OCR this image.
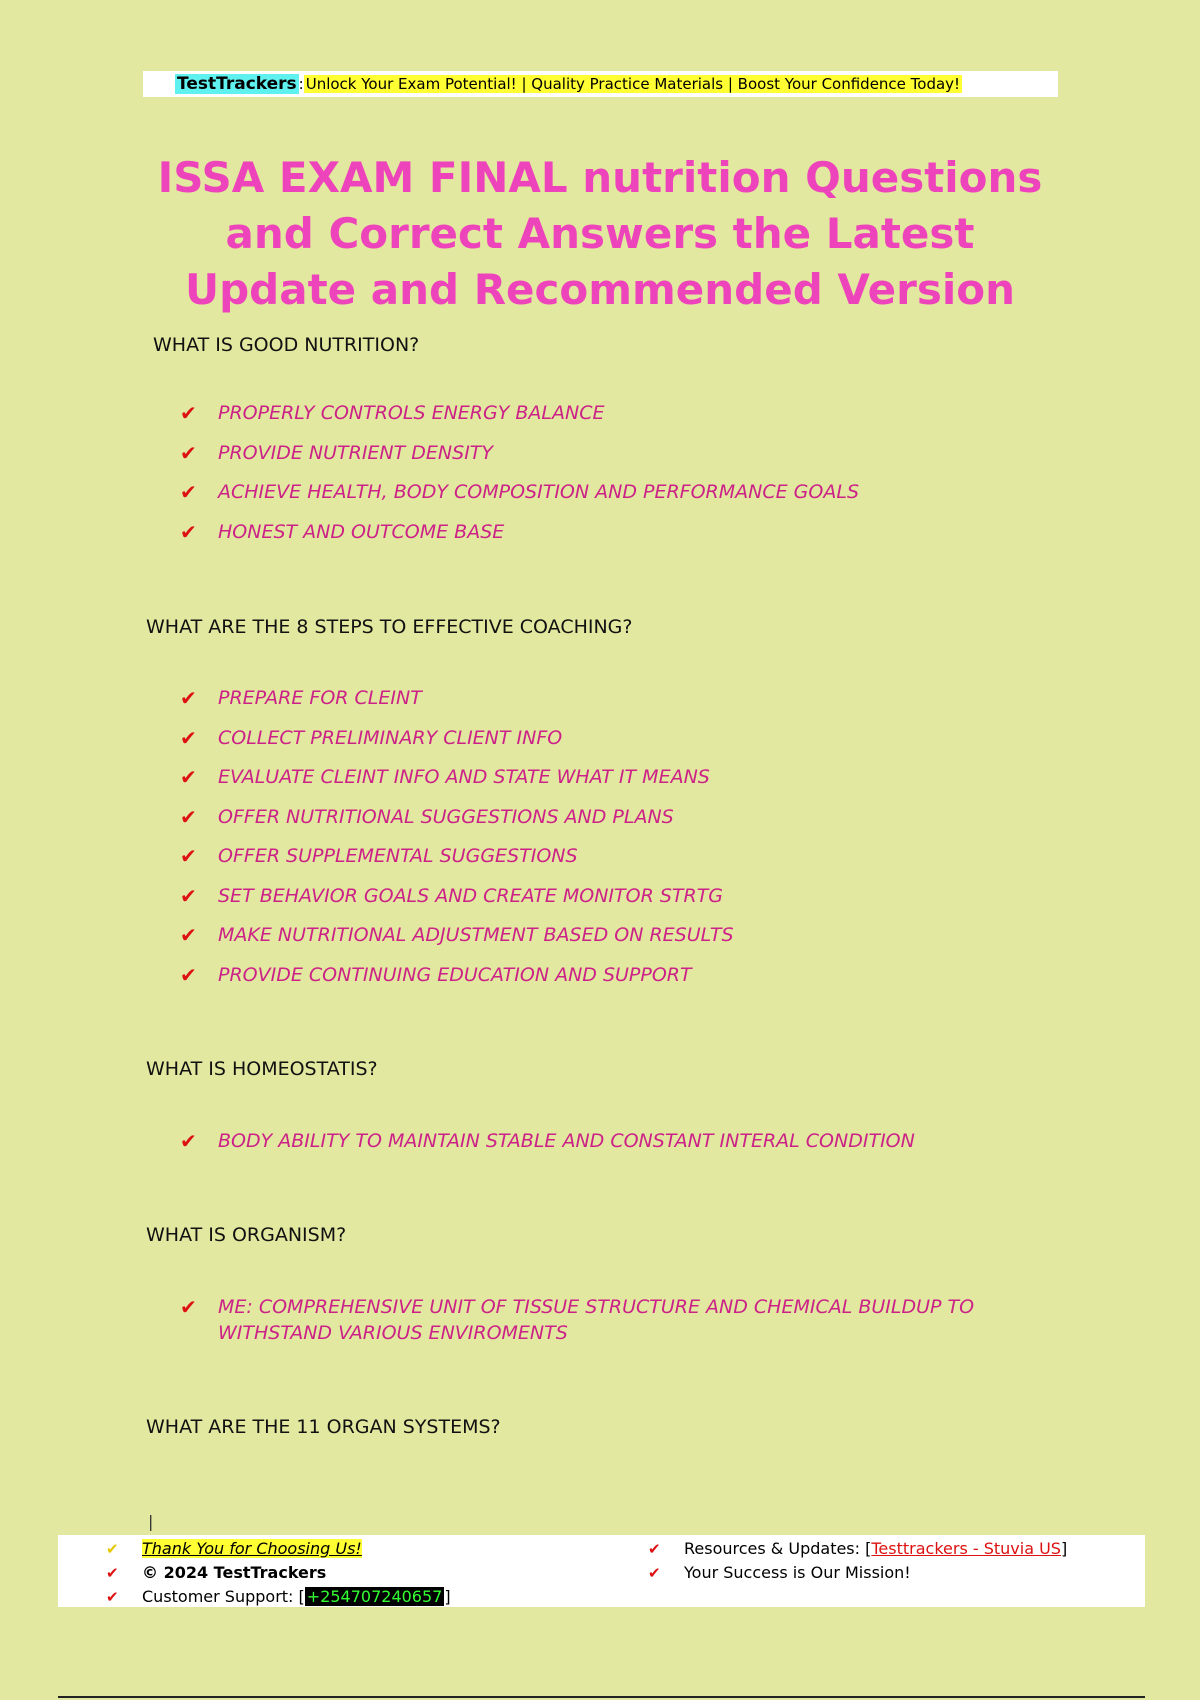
TestTrackers : Unlock Your Exam Potential! | Quality Practice Materials | Boost Your Confidence Today!
ISSA EXAM FINAL nutrition Questions and Correct Answers the Latest Update and Recommended Version

WHAT IS GOOD NUTRITION?

✔ PROPERLY CONTROLS ENERGY BALANCE
✔ PROVIDE NUTRIENT DENSITY
✔ ACHIEVE HEALTH, BODY COMPOSITION AND PERFORMANCE GOALS
✔ HONEST AND OUTCOME BASE

WHAT ARE THE 8 STEPS TO EFFECTIVE COACHING?

✔ PREPARE FOR CLEINT
✔ COLLECT PRELIMINARY CLIENT INFO
✔ EVALUATE CLEINT INFO AND STATE WHAT IT MEANS
✔ OFFER NUTRITIONAL SUGGESTIONS AND PLANS
✔ OFFER SUPPLEMENTAL SUGGESTIONS
✔ SET BEHAVIOR GOALS AND CREATE MONITOR STRTG
✔ MAKE NUTRITIONAL ADJUSTMENT BASED ON RESULTS
✔ PROVIDE CONTINUING EDUCATION AND SUPPORT

WHAT IS HOMEOSTATIS?

✔ BODY ABILITY TO MAINTAIN STABLE AND CONSTANT INTERAL CONDITION

WHAT IS ORGANISM?

✔ ME: COMPREHENSIVE UNIT OF TISSUE STRUCTURE AND CHEMICAL BUILDUP TO WITHSTAND VARIOUS ENVIROMENTS

WHAT ARE THE 11 ORGAN SYSTEMS?

|
✔ Thank You for Choosing Us!
✔ © 2024 TestTrackers
✔ Customer Support: [ +254707240657 ]
✔ Resources & Updates: [Testtrackers - Stuvia US]
✔ Your Success is Our Mission!
